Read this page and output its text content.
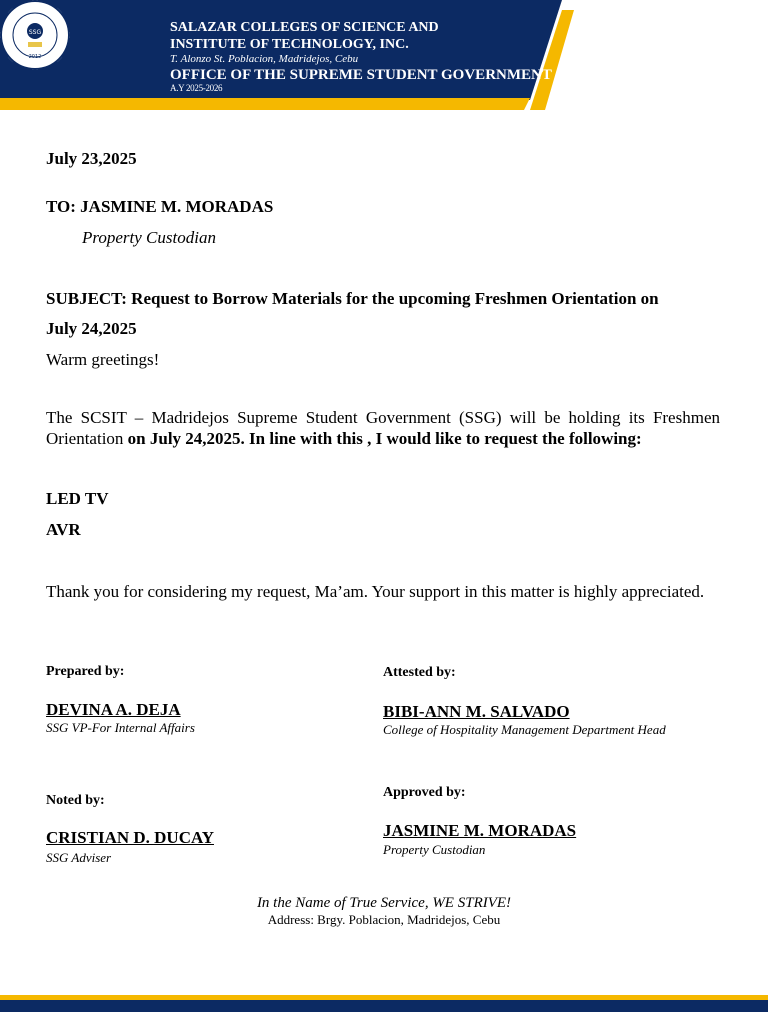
SSG
2012
SALAZAR COLLEGES OF SCIENCE AND
INSTITUTE OF TECHNOLOGY, INC.
T. Alonzo St. Poblacion, Madridejos, Cebu
OFFICE OF THE SUPREME STUDENT GOVERNMENT
A.Y 2025-2026
July 23,2025
TO: JASMINE M. MORADAS
Property Custodian
SUBJECT: Request to Borrow Materials for the upcoming Freshmen Orientation on
July 24,2025
Warm greetings!
The SCSIT – Madridejos Supreme Student Government (SSG) will be holding its Freshmen Orientation on July 24,2025. In line with this , I would like to request the following:
LED TV
AVR
Thank you for considering my request, Ma’am. Your support in this matter is highly appreciated.
Prepared by:
DEVINA A. DEJA
SSG VP-For Internal Affairs
Attested by:
BIBI-ANN M. SALVADO
College of Hospitality Management Department Head
Noted by:
CRISTIAN D. DUCAY
SSG Adviser
Approved by:
JASMINE M. MORADAS
Property Custodian
In the Name of True Service, WE STRIVE!
Address: Brgy. Poblacion, Madridejos, Cebu
